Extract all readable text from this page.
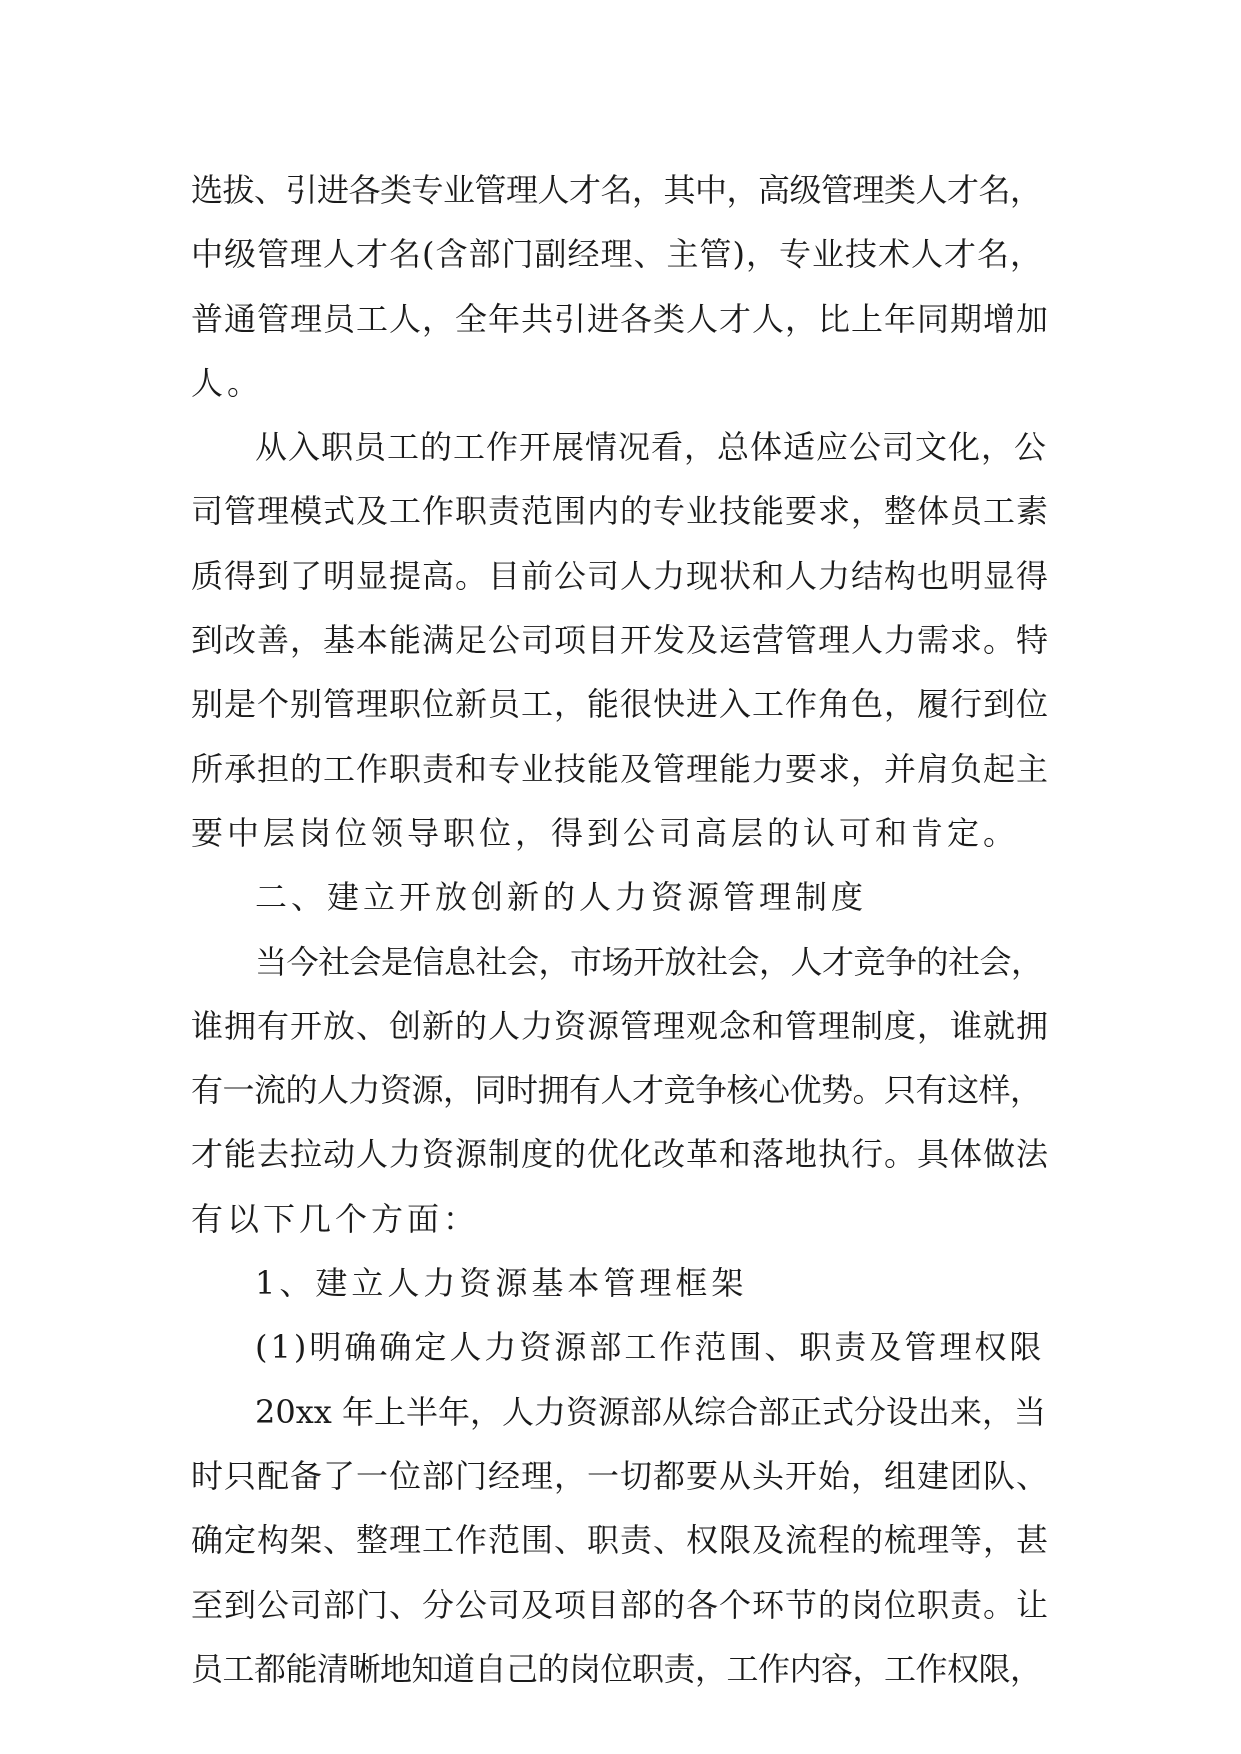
选拔、引进各类专业管理人才名，其中，高级管理类人才名，
中级管理人才名(含部门副经理、主管)，专业技术人才名，
普通管理员工人，全年共引进各类人才人，比上年同期增加
人。
从入职员工的工作开展情况看，总体适应公司文化，公
司管理模式及工作职责范围内的专业技能要求，整体员工素
质得到了明显提高。目前公司人力现状和人力结构也明显得
到改善，基本能满足公司项目开发及运营管理人力需求。特
别是个别管理职位新员工，能很快进入工作角色，履行到位
所承担的工作职责和专业技能及管理能力要求，并肩负起主
要中层岗位领导职位，得到公司高层的认可和肯定。
二、建立开放创新的人力资源管理制度
当今社会是信息社会，市场开放社会，人才竞争的社会，
谁拥有开放、创新的人力资源管理观念和管理制度，谁就拥
有一流的人力资源，同时拥有人才竞争核心优势。只有这样，
才能去拉动人力资源制度的优化改革和落地执行。具体做法
有以下几个方面：
1、建立人力资源基本管理框架
(1)明确确定人力资源部工作范围、职责及管理权限
20xx 年上半年，人力资源部从综合部正式分设出来，当
时只配备了一位部门经理，一切都要从头开始，组建团队、
确定构架、整理工作范围、职责、权限及流程的梳理等，甚
至到公司部门、分公司及项目部的各个环节的岗位职责。让
员工都能清晰地知道自己的岗位职责，工作内容，工作权限，
